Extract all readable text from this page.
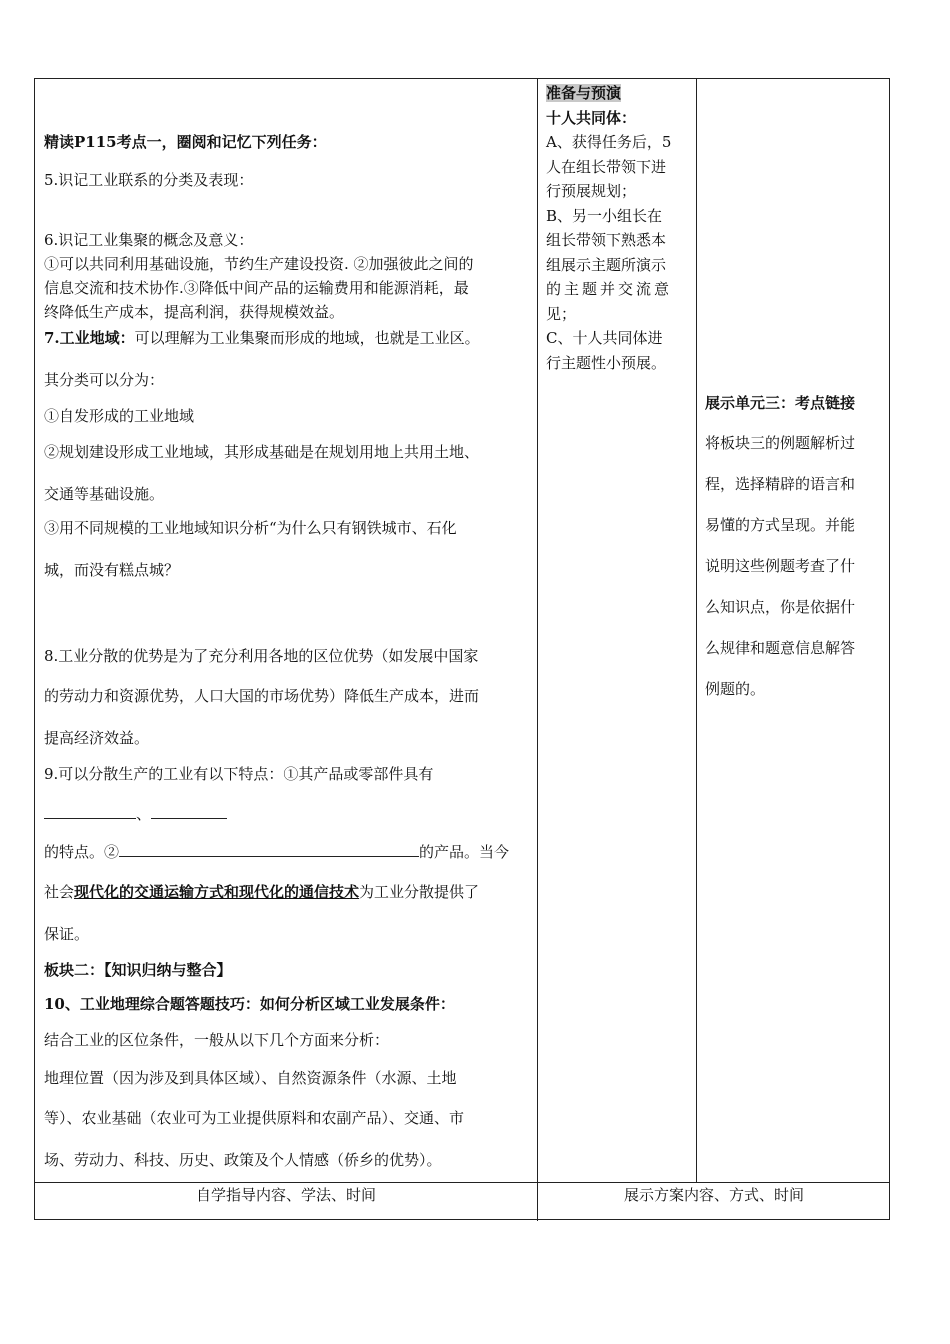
精读P115考点一，圈阅和记忆下列任务：

5.识记工业联系的分类及表现：

6.识记工业集聚的概念及意义：

①可以共同利用基础设施，节约生产建设投资. ②加强彼此之间的

信息交流和技术协作.③降低中间产品的运输费用和能源消耗，最

终降低生产成本，提高利润，获得规模效益。

7.工业地域：可以理解为工业集聚而形成的地域，也就是工业区。

其分类可以分为：

①自发形成的工业地域

②规划建设形成工业地域，其形成基础是在规划用地上共用土地、

交通等基础设施。

③用不同规模的工业地域知识分析“为什么只有钢铁城市、石化

城，而没有糕点城？

8.工业分散的优势是为了充分利用各地的区位优势（如发展中国家

的劳动力和资源优势，人口大国的市场优势）降低生产成本，进而

提高经济效益。

9.可以分散生产的工业有以下特点：①其产品或零部件具有

、

的特点。②	的产品。当今

社会现代化的交通运输方式和现代化的通信技术为工业分散提供了

保证。

板块二：【知识归纳与整合】

10、工业地理综合题答题技巧：如何分析区域工业发展条件：

结合工业的区位条件，一般从以下几个方面来分析：

地理位置（因为涉及到具体区域）、自然资源条件（水源、土地

等）、农业基础（农业可为工业提供原料和农副产品）、交通、市

场、劳动力、科技、历史、政策及个人情感（侨乡的优势）。

准备与预演

十人共同体：

A、获得任务后，5

人在组长带领下进

行预展规划；

B、另一小组长在

组长带领下熟悉本

组展示主题所演示

的主题并交流意

见；

C、十人共同体进

行主题性小预展。

展示单元三：考点链接

将板块三的例题解析过

程，选择精辟的语言和

易懂的方式呈现。并能

说明这些例题考查了什

么知识点，你是依据什

么规律和题意信息解答

例题的。

自学指导内容、学法、时间	展示方案内容、方式、时间
